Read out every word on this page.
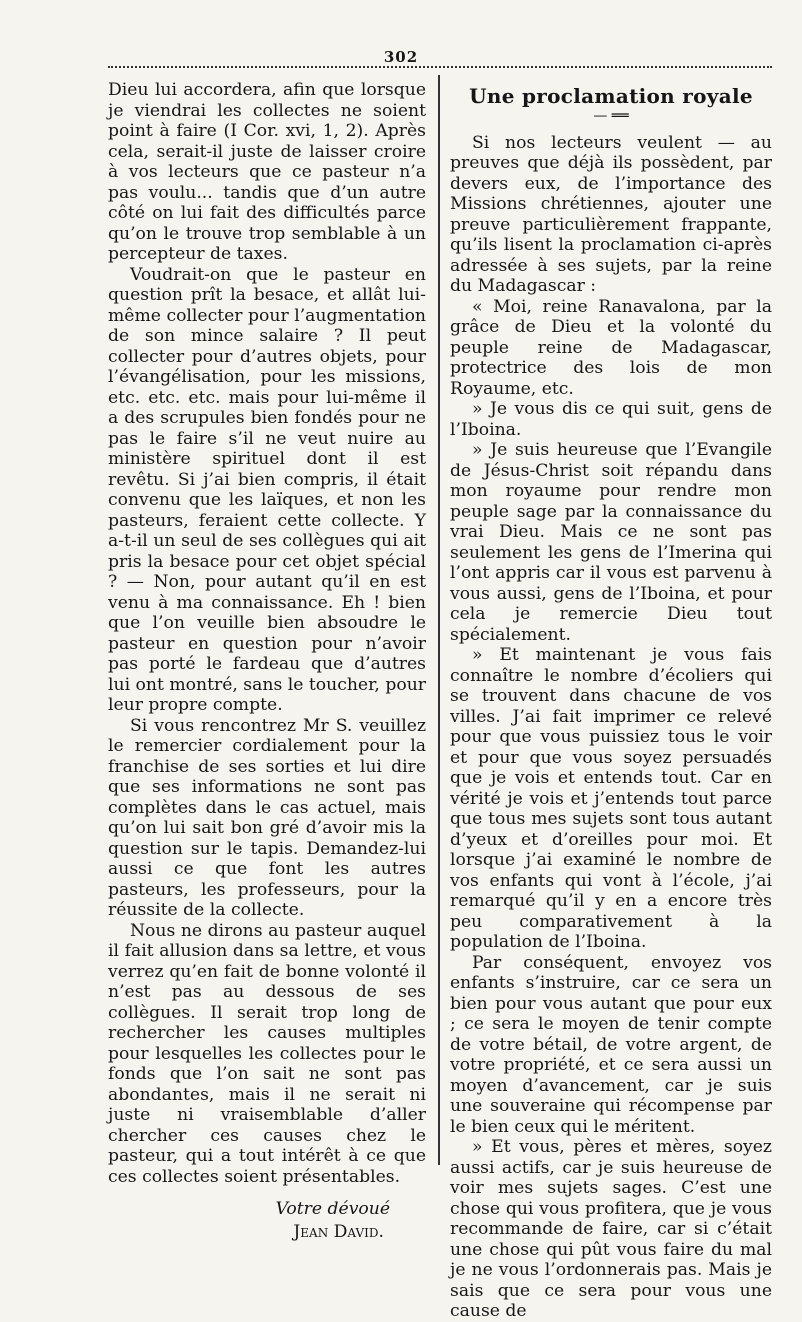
302

Dieu lui accordera, afin que lorsque je viendrai les collectes ne soient point à faire (I Cor. xvi, 1, 2). Après cela, serait-il juste de laisser croire à vos lecteurs que ce pasteur n’a pas voulu... tandis que d’un autre côté on lui fait des difficultés parce qu’on le trouve trop semblable à un percepteur de taxes.

Voudrait-on que le pasteur en question prît la besace, et allât lui-même collecter pour l’augmentation de son mince salaire ? Il peut collecter pour d’autres objets, pour l’évangélisation, pour les missions, etc. etc. etc. mais pour lui-même il a des scrupules bien fondés pour ne pas le faire s’il ne veut nuire au ministère spirituel dont il est revêtu. Si j’ai bien compris, il était convenu que les laïques, et non les pasteurs, feraient cette collecte. Y a-t-il un seul de ses collègues qui ait pris la besace pour cet objet spécial ? — Non, pour autant qu’il en est venu à ma connaissance. Eh ! bien que l’on veuille bien absoudre le pasteur en question pour n’avoir pas porté le fardeau que d’autres lui ont montré, sans le toucher, pour leur propre compte.

Si vous rencontrez Mr S. veuillez le remercier cordialement pour la franchise de ses sorties et lui dire que ses informations ne sont pas complètes dans le cas actuel, mais qu’on lui sait bon gré d’avoir mis la question sur le tapis. Demandez-lui aussi ce que font les autres pasteurs, les professeurs, pour la réussite de la collecte.

Nous ne dirons au pasteur auquel il fait allusion dans sa lettre, et vous verrez qu’en fait de bonne volonté il n’est pas au dessous de ses collègues. Il serait trop long de rechercher les causes multiples pour lesquelles les collectes pour le fonds que l’on sait ne sont pas abondantes, mais il ne serait ni juste ni vraisemblable d’aller chercher ces causes chez le pasteur, qui a tout intérêt à ce que ces collectes soient présentables.

Votre dévoué
Jean David.
Une proclamation royale
— ══

Si nos lecteurs veulent — au preuves que déjà ils possèdent, par devers eux, de l’importance des Missions chrétiennes, ajouter une preuve particulièrement frappante, qu’ils lisent la proclamation ci-après adressée à ses sujets, par la reine du Madagascar :

« Moi, reine Ranavalona, par la grâce de Dieu et la volonté du peuple reine de Madagascar, protectrice des lois de mon Royaume, etc.

» Je vous dis ce qui suit, gens de l’Iboina.

» Je suis heureuse que l’Evangile de Jésus-Christ soit répandu dans mon royaume pour rendre mon peuple sage par la connaissance du vrai Dieu. Mais ce ne sont pas seulement les gens de l’Imerina qui l’ont appris car il vous est parvenu à vous aussi, gens de l’Iboina, et pour cela je remercie Dieu tout spécialement.

» Et maintenant je vous fais connaître le nombre d’écoliers qui se trouvent dans chacune de vos villes. J’ai fait imprimer ce relevé pour que vous puissiez tous le voir et pour que vous soyez persuadés que je vois et entends tout. Car en vérité je vois et j’entends tout parce que tous mes sujets sont tous autant d’yeux et d’oreilles pour moi. Et lorsque j’ai examiné le nombre de vos enfants qui vont à l’école, j’ai remarqué qu’il y en a encore très peu comparativement à la population de l’Iboina.

Par conséquent, envoyez vos enfants s’instruire, car ce sera un bien pour vous autant que pour eux ; ce sera le moyen de tenir compte de votre bétail, de votre argent, de votre propriété, et ce sera aussi un moyen d’avancement, car je suis une souveraine qui récompense par le bien ceux qui le méritent.

» Et vous, pères et mères, soyez aussi actifs, car je suis heureuse de voir mes sujets sages. C’est une chose qui vous profitera, que je vous recommande de faire, car si c’était une chose qui pût vous faire du mal je ne vous l’ordonnerais pas. Mais je sais que ce sera pour vous une cause de
